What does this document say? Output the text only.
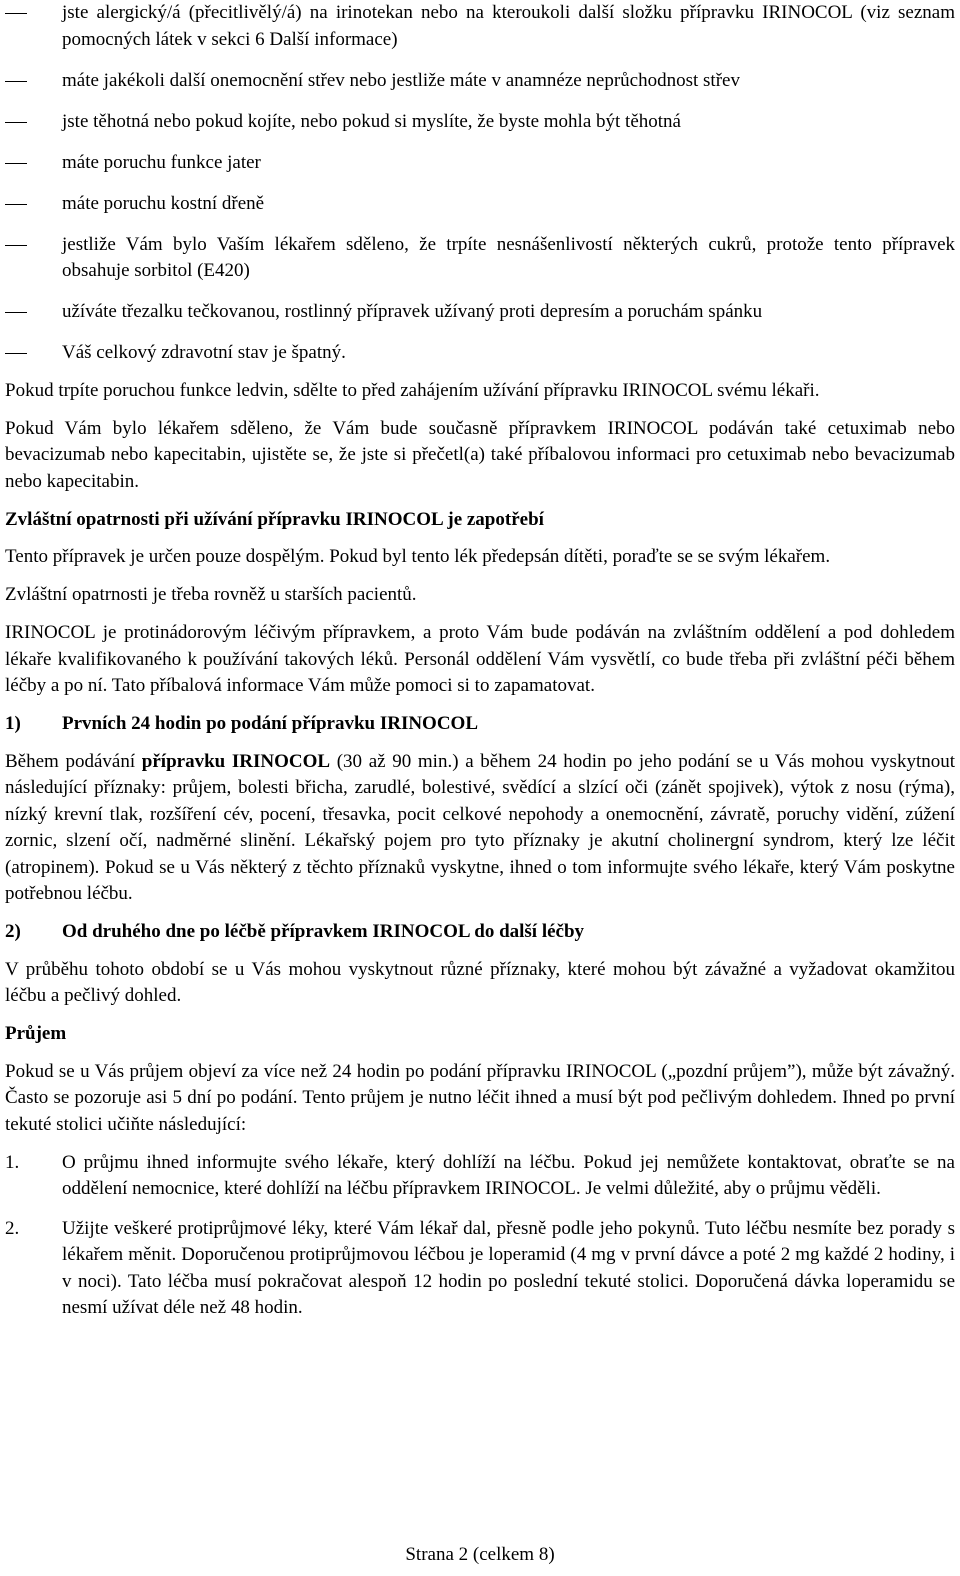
jste alergický/á (přecitlivělý/á) na irinotekan nebo na kteroukoli další složku přípravku IRINOCOL (viz seznam pomocných látek v sekci 6 Další informace)
máte jakékoli další onemocnění střev nebo jestliže máte v anamnéze neprůchodnost střev
jste těhotná nebo pokud kojíte, nebo pokud si myslíte, že byste mohla být těhotná
máte poruchu funkce jater
máte poruchu kostní dřeně
jestliže Vám bylo Vaším lékařem sděleno, že trpíte nesnášenlivostí některých cukrů, protože tento přípravek obsahuje sorbitol (E420)
užíváte třezalku tečkovanou, rostlinný přípravek užívaný proti depresím a poruchám spánku
Váš celkový zdravotní stav je špatný.

Pokud trpíte poruchou funkce ledvin, sdělte to před zahájením užívání přípravku IRINOCOL svému lékaři.

Pokud Vám bylo lékařem sděleno, že Vám bude současně přípravkem IRINOCOL podáván také cetuximab nebo bevacizumab nebo kapecitabin, ujistěte se, že jste si přečetl(a) také příbalovou informaci pro cetuximab nebo bevacizumab nebo kapecitabin.

Zvláštní opatrnosti při užívání přípravku IRINOCOL je zapotřebí

Tento přípravek je určen pouze dospělým. Pokud byl tento lék předepsán dítěti, poraďte se se svým lékařem.

Zvláštní opatrnosti je třeba rovněž u starších pacientů.

IRINOCOL je protinádorovým léčivým přípravkem, a proto Vám bude podáván na zvláštním oddělení a pod dohledem lékaře kvalifikovaného k používání takových léků. Personál oddělení Vám vysvětlí, co bude třeba při zvláštní péči během léčby a po ní. Tato příbalová informace Vám může pomoci si to zapamatovat.

1) Prvních 24 hodin po podání přípravku IRINOCOL

Během podávání přípravku IRINOCOL (30 až 90 min.) a během 24 hodin po jeho podání se u Vás mohou vyskytnout následující příznaky: průjem, bolesti břicha, zarudlé, bolestivé, svědící a slzící oči (zánět spojivek), výtok z nosu (rýma), nízký krevní tlak, rozšíření cév, pocení, třesavka, pocit celkové nepohody a onemocnění, závratě, poruchy vidění, zúžení zornic, slzení očí, nadměrné slinění. Lékařský pojem pro tyto příznaky je akutní cholinergní syndrom, který lze léčit (atropinem). Pokud se u Vás některý z těchto příznaků vyskytne, ihned o tom informujte svého lékaře, který Vám poskytne potřebnou léčbu.

2) Od druhého dne po léčbě přípravkem IRINOCOL do další léčby

V průběhu tohoto období se u Vás mohou vyskytnout různé příznaky, které mohou být závažné a vyžadovat okamžitou léčbu a pečlivý dohled.

Průjem

Pokud se u Vás průjem objeví za více než 24 hodin po podání přípravku IRINOCOL („pozdní průjem”), může být závažný. Často se pozoruje asi 5 dní po podání. Tento průjem je nutno léčit ihned a musí být pod pečlivým dohledem. Ihned po první tekuté stolici učiňte následující:

1. O průjmu ihned informujte svého lékaře, který dohlíží na léčbu. Pokud jej nemůžete kontaktovat, obraťte se na oddělení nemocnice, které dohlíží na léčbu přípravkem IRINOCOL. Je velmi důležité, aby o průjmu věděli.
2. Užijte veškeré protiprůjmové léky, které Vám lékař dal, přesně podle jeho pokynů. Tuto léčbu nesmíte bez porady s lékařem měnit. Doporučenou protiprůjmovou léčbou je loperamid (4 mg v první dávce a poté 2 mg každé 2 hodiny, i v noci). Tato léčba musí pokračovat alespoň 12 hodin po poslední tekuté stolici. Doporučená dávka loperamidu se nesmí užívat déle než 48 hodin.
Strana 2 (celkem 8)
